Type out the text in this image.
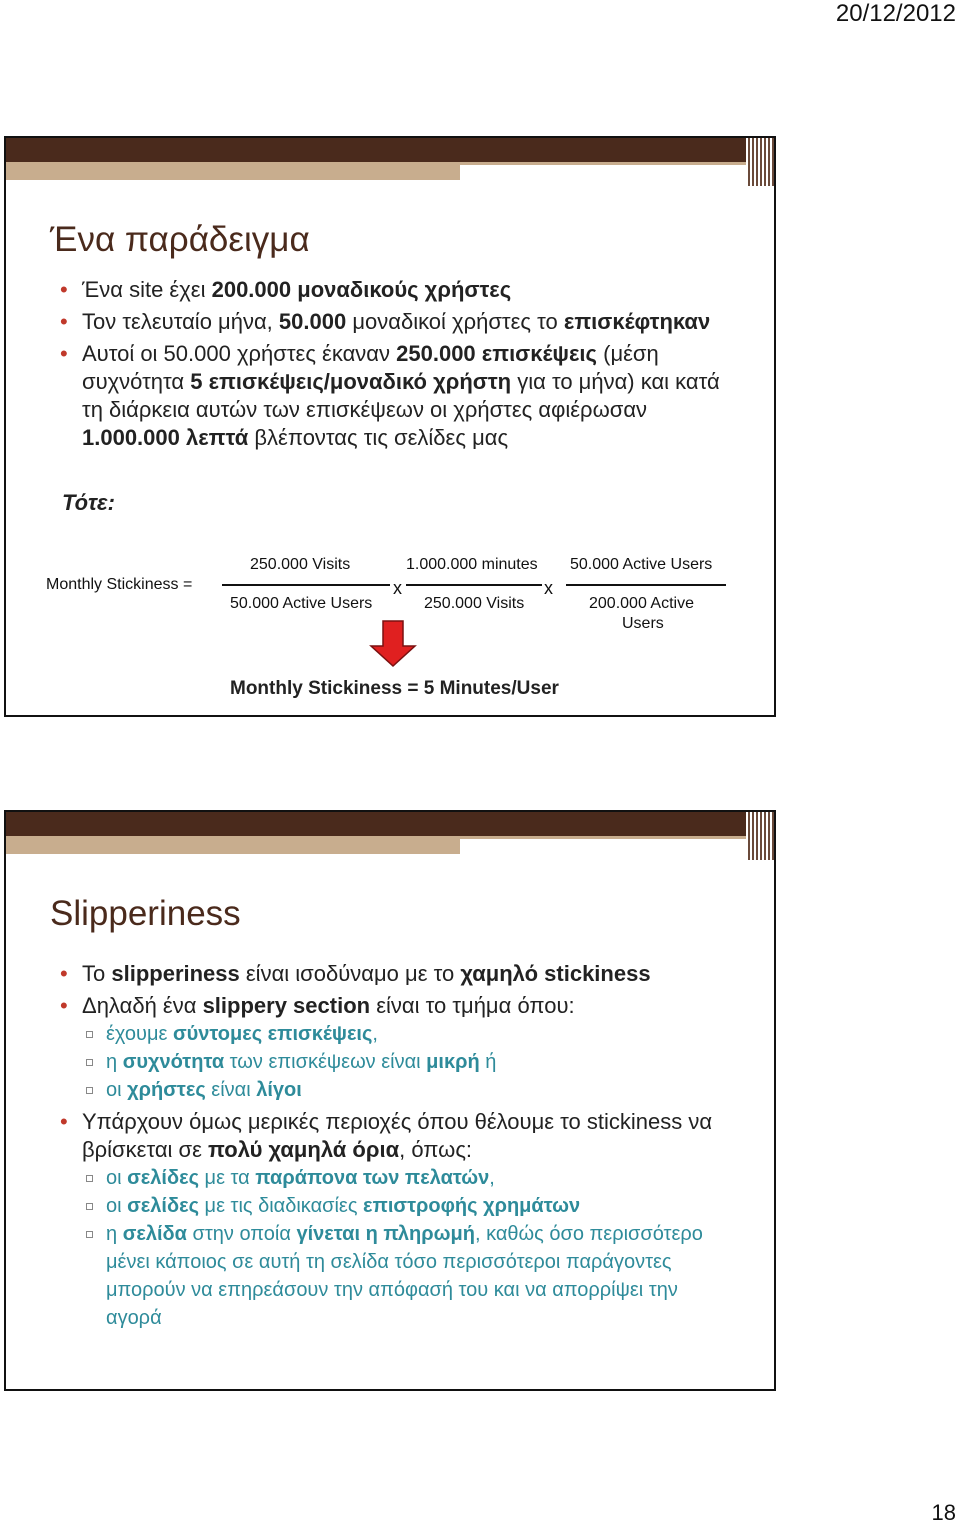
20/12/2012
Ένα παράδειγμα
• Ένα site έχει 200.000 μοναδικούς χρήστες
• Τον τελευταίο μήνα, 50.000 μοναδικοί χρήστες το επισκέφτηκαν
• Αυτοί οι 50.000 χρήστες έκαναν 250.000 επισκέψεις (μέση συχνότητα 5 επισκέψεις/μοναδικό χρήστη για το μήνα) και κατά τη διάρκεια αυτών των επισκέψεων οι χρήστες αφιέρωσαν 1.000.000 λεπτά βλέποντας τις σελίδες μας
Τότε:
Monthly Stickiness =
250.000 Visits
50.000 Active Users
x
1.000.000 minutes
250.000 Visits
x
50.000 Active Users
200.000 Active
Users
Monthly Stickiness = 5 Minutes/User
Slipperiness
• Το slipperiness είναι ισοδύναμο με το χαμηλό stickiness
• Δηλαδή ένα slippery section είναι το τμήμα όπου:
έχουμε σύντομες επισκέψεις,
η συχνότητα των επισκέψεων είναι μικρή ή
οι χρήστες είναι λίγοι
• Υπάρχουν όμως μερικές περιοχές όπου θέλουμε το stickiness να βρίσκεται σε πολύ χαμηλά όρια, όπως:
οι σελίδες με τα παράπονα των πελατών,
οι σελίδες με τις διαδικασίες επιστροφής χρημάτων
η σελίδα στην οποία γίνεται η πληρωμή, καθώς όσο περισσότερο μένει κάποιος σε αυτή τη σελίδα τόσο περισσότεροι παράγοντες μπορούν να επηρεάσουν την απόφασή του και να απορρίψει την αγορά
18
